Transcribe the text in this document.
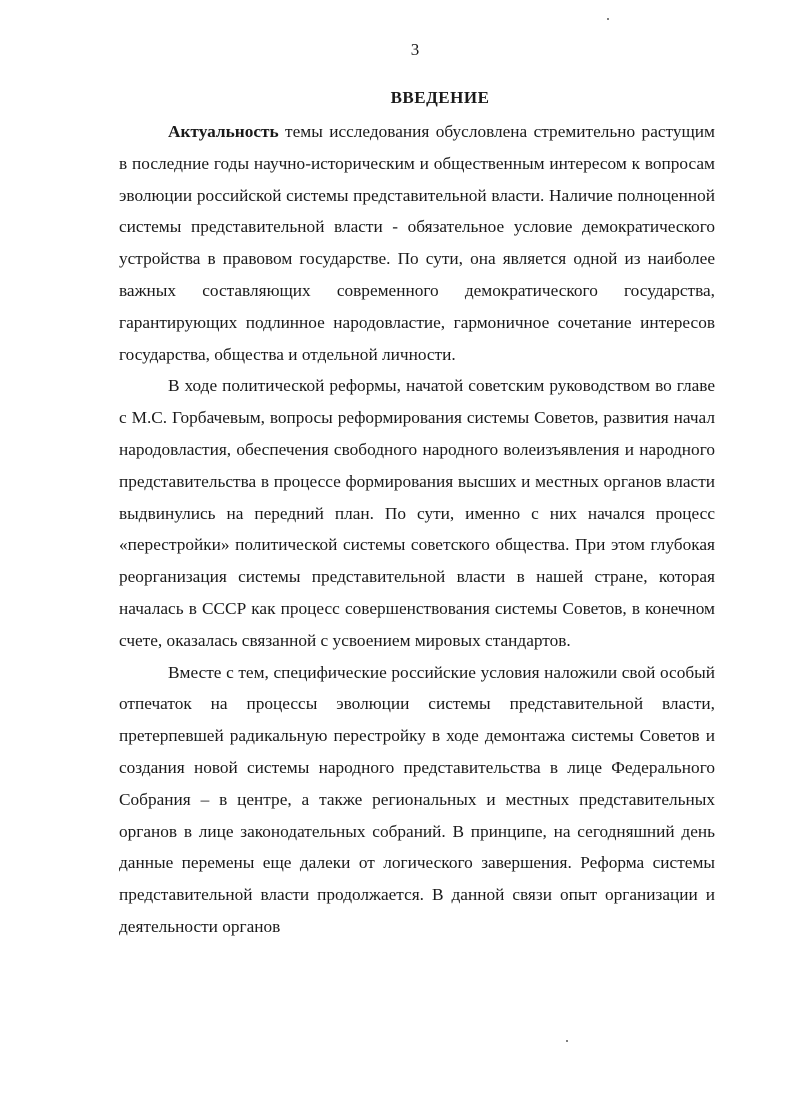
3
ВВЕДЕНИЕ

Актуальность темы исследования обусловлена стремительно растущим в последние годы научно-историческим и общественным интересом к вопросам эволюции российской системы представительной власти. Наличие полноценной системы представительной власти - обязательное условие демократического устройства в правовом государстве. По сути, она является одной из наиболее важных составляющих современного демократического государства, гарантирующих подлинное народовластие, гармоничное сочетание интересов государства, общества и отдельной личности.

В ходе политической реформы, начатой советским руководством во главе с М.С. Горбачевым, вопросы реформирования системы Советов, развития начал народовластия, обеспечения свободного народного волеизъявления и народного представительства в процессе формирования высших и местных органов власти выдвинулись на передний план. По сути, именно с них начался процесс «перестройки» политической системы советского общества. При этом глубокая реорганизация системы представительной власти в нашей стране, которая началась в СССР как процесс совершенствования системы Советов, в конечном счете, оказалась связанной с усвоением мировых стандартов.

Вместе с тем, специфические российские условия наложили свой особый отпечаток на процессы эволюции системы представительной власти, претерпевшей радикальную перестройку в ходе демонтажа системы Советов и создания новой системы народного представительства в лице Федерального Собрания – в центре, а также региональных и местных представительных органов в лице законодательных собраний. В принципе, на сегодняшний день данные перемены еще далеки от логического завершения. Реформа системы представительной власти продолжается. В данной связи опыт организации и деятельности органов
